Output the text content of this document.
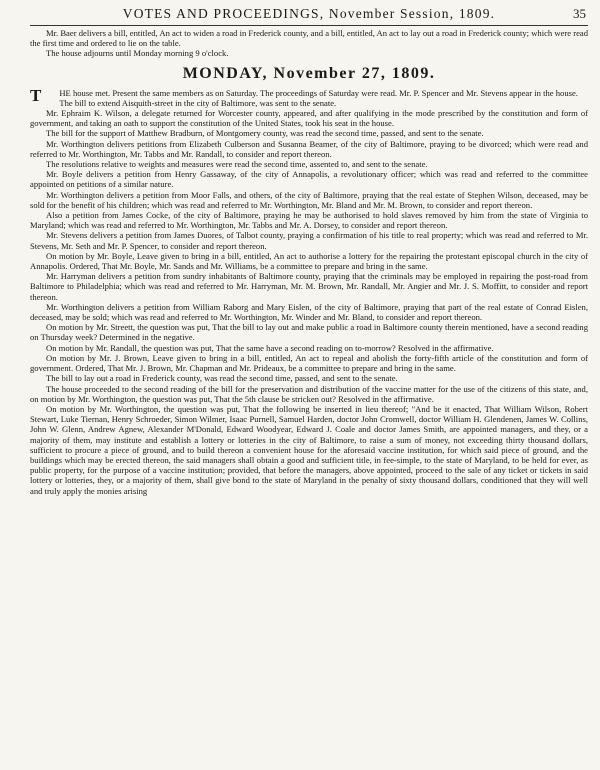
VOTES AND PROCEEDINGS, November Session, 1809.	35

Mr. Baer delivers a bill, entitled, An act to widen a road in Frederick county, and a bill, entitled, An act to lay out a road in Frederick county; which were read the first time and ordered to lie on the table.

The house adjourns until Monday morning 9 o'clock.

MONDAY, November 27, 1809.

T HE house met. Present the same members as on Saturday. The proceedings of Saturday were read. Mr. P. Spencer and Mr. Stevens appear in the house.

The bill to extend Aisquith-street in the city of Baltimore, was sent to the senate.

Mr. Ephraim K. Wilson, a delegate returned for Worcester county, appeared, and after qualifying in the mode prescribed by the constitution and form of government, and taking an oath to support the constitution of the United States, took his seat in the house.

The bill for the support of Matthew Bradburn, of Montgomery county, was read the second time, passed, and sent to the senate.

Mr. Worthington delivers petitions from Elizabeth Culberson and Susanna Beamer, of the city of Baltimore, praying to be divorced; which were read and referred to Mr. Worthington, Mr. Tabbs and Mr. Randall, to consider and report thereon.

The resolutions relative to weights and measures were read the second time, assented to, and sent to the senate.

Mr. Boyle delivers a petition from Henry Gassaway, of the city of Annapolis, a revolutionary officer; which was read and referred to the committee appointed on petitions of a similar nature.

Mr. Worthington delivers a petition from Moor Falls, and others, of the city of Baltimore, praying that the real estate of Stephen Wilson, deceased, may be sold for the benefit of his children; which was read and referred to Mr. Worthington, Mr. Bland and Mr. M. Brown, to consider and report thereon.

Also a petition from James Cocke, of the city of Baltimore, praying he may be authorised to hold slaves removed by him from the state of Virginia to Maryland; which was read and referred to Mr. Worthington, Mr. Tabbs and Mr. A. Dorsey, to consider and report thereon.

Mr. Stevens delivers a petition from James Duores, of Talbot county, praying a confirmation of his title to real property; which was read and referred to Mr. Stevens, Mr. Seth and Mr. P. Spencer, to consider and report thereon.

On motion by Mr. Boyle, Leave given to bring in a bill, entitled, An act to authorise a lottery for the repairing the protestant episcopal church in the city of Annapolis. Ordered, That Mr. Boyle, Mr. Sands and Mr. Williams, be a committee to prepare and bring in the same.

Mr. Harryman delivers a petition from sundry inhabitants of Baltimore county, praying that the criminals may be employed in repairing the post-road from Baltimore to Philadelphia; which was read and referred to Mr. Harryman, Mr. M. Brown, Mr. Randall, Mr. Angier and Mr. J. S. Moffitt, to consider and report thereon.

Mr. Worthington delivers a petition from William Raborg and Mary Eislen, of the city of Baltimore, praying that part of the real estate of Conrad Eislen, deceased, may be sold; which was read and referred to Mr. Worthington, Mr. Winder and Mr. Bland, to consider and report thereon.

On motion by Mr. Streett, the question was put, That the bill to lay out and make public a road in Baltimore county therein mentioned, have a second reading on Thursday week? Determined in the negative.

On motion by Mr. Randall, the question was put, That the same have a second reading on to-morrow? Resolved in the affirmative.

On motion by Mr. J. Brown, Leave given to bring in a bill, entitled, An act to repeal and abolish the forty-fifth article of the constitution and form of government. Ordered, That Mr. J. Brown, Mr. Chapman and Mr. Prideaux, be a committee to prepare and bring in the same.

The bill to lay out a road in Frederick county, was read the second time, passed, and sent to the senate.

The house proceeded to the second reading of the bill for the preservation and distribution of the vaccine matter for the use of the citizens of this state, and, on motion by Mr. Worthington, the question was put, That the 5th clause be stricken out? Resolved in the affirmative.

On motion by Mr. Worthington, the question was put, That the following be inserted in lieu thereof; "And be it enacted, That William Wilson, Robert Stewart, Luke Tiernan, Henry Schroeder, Simon Wilmer, Isaac Purnell, Samuel Harden, doctor John Cromwell, doctor William H. Glendenen, James W. Collins, John W. Glenn, Andrew Agnew, Alexander M'Donald, Edward Woodyear, Edward J. Coale and doctor James Smith, are appointed managers, and they, or a majority of them, may institute and establish a lottery or lotteries in the city of Baltimore, to raise a sum of money, not exceeding thirty thousand dollars, sufficient to procure a piece of ground, and to build thereon a convenient house for the aforesaid vaccine institution, for which said piece of ground, and the buildings which may be erected thereon, the said managers shall obtain a good and sufficient title, in fee-simple, to the state of Maryland, to be held for ever, as public property, for the purpose of a vaccine institution; provided, that before the managers, above appointed, proceed to the sale of any ticket or tickets in said lottery or lotteries, they, or a majority of them, shall give bond to the state of Maryland in the penalty of sixty thousand dollars, conditioned that they will well and truly apply the monies arising
